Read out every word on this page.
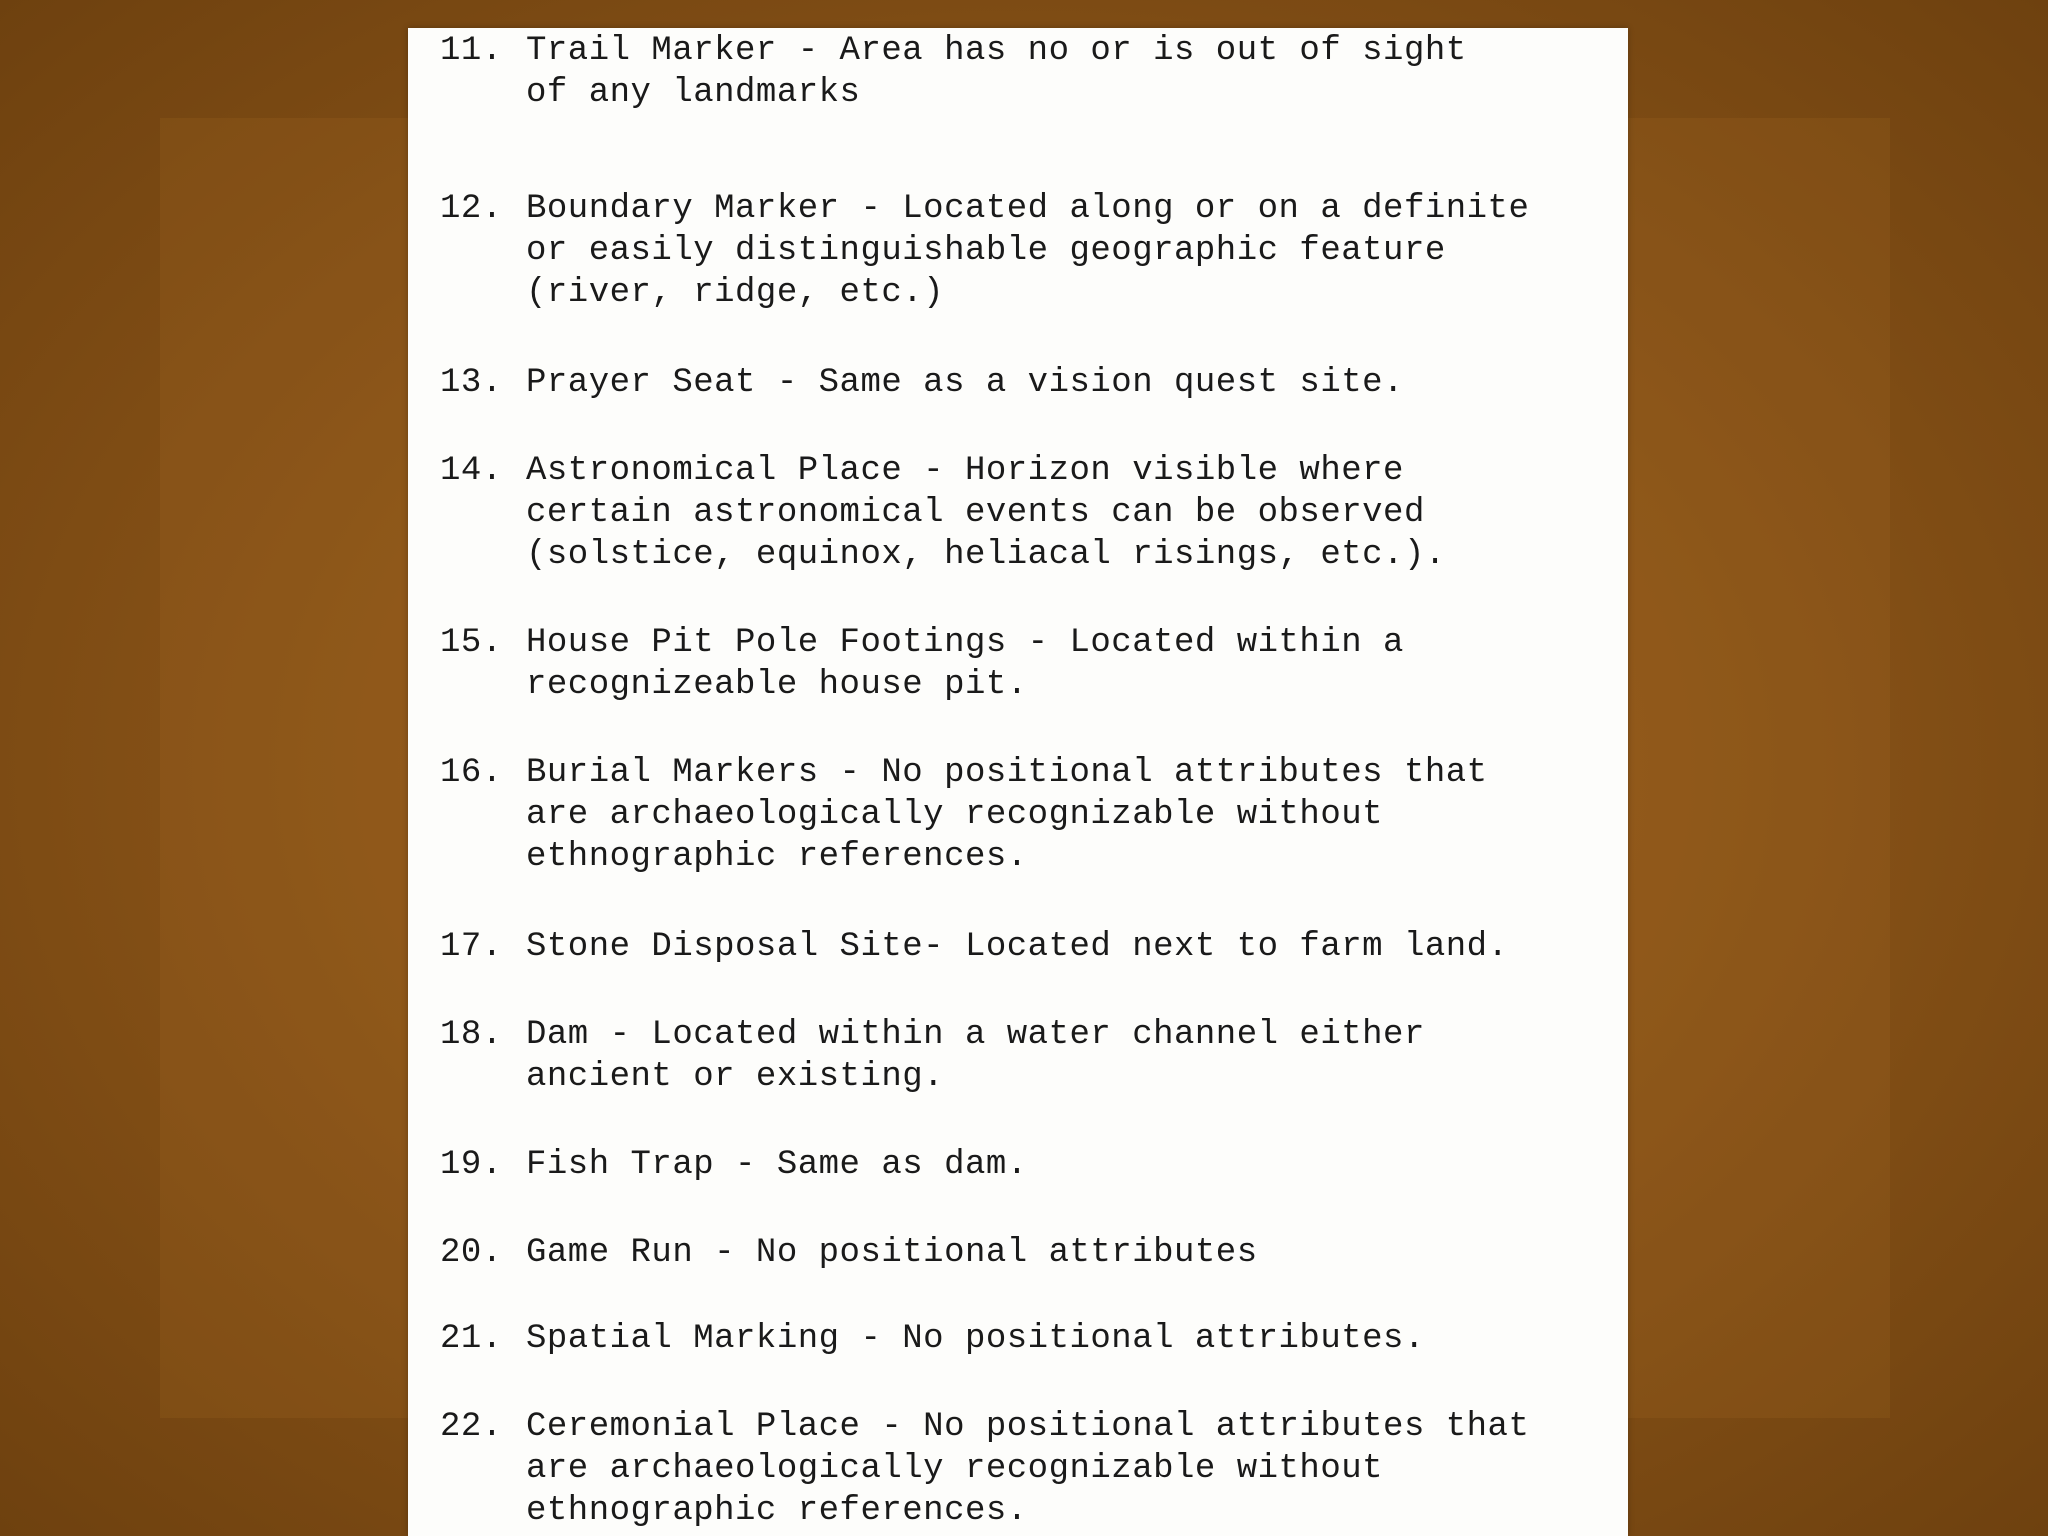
11. Trail Marker - Area has no or is out of sight
of any landmarks
12. Boundary Marker - Located along or on a definite
or easily distinguishable geographic feature
(river, ridge, etc.)
13. Prayer Seat - Same as a vision quest site.
14. Astronomical Place - Horizon visible where
certain astronomical events can be observed
(solstice, equinox, heliacal risings, etc.).
15. House Pit Pole Footings - Located within a
recognizeable house pit.
16. Burial Markers - No positional attributes that
are archaeologically recognizable without
ethnographic references.
17. Stone Disposal Site- Located next to farm land.
18. Dam - Located within a water channel either
ancient or existing.
19. Fish Trap - Same as dam.
20. Game Run - No positional attributes
21. Spatial Marking - No positional attributes.
22. Ceremonial Place - No positional attributes that
are archaeologically recognizable without
ethnographic references.
